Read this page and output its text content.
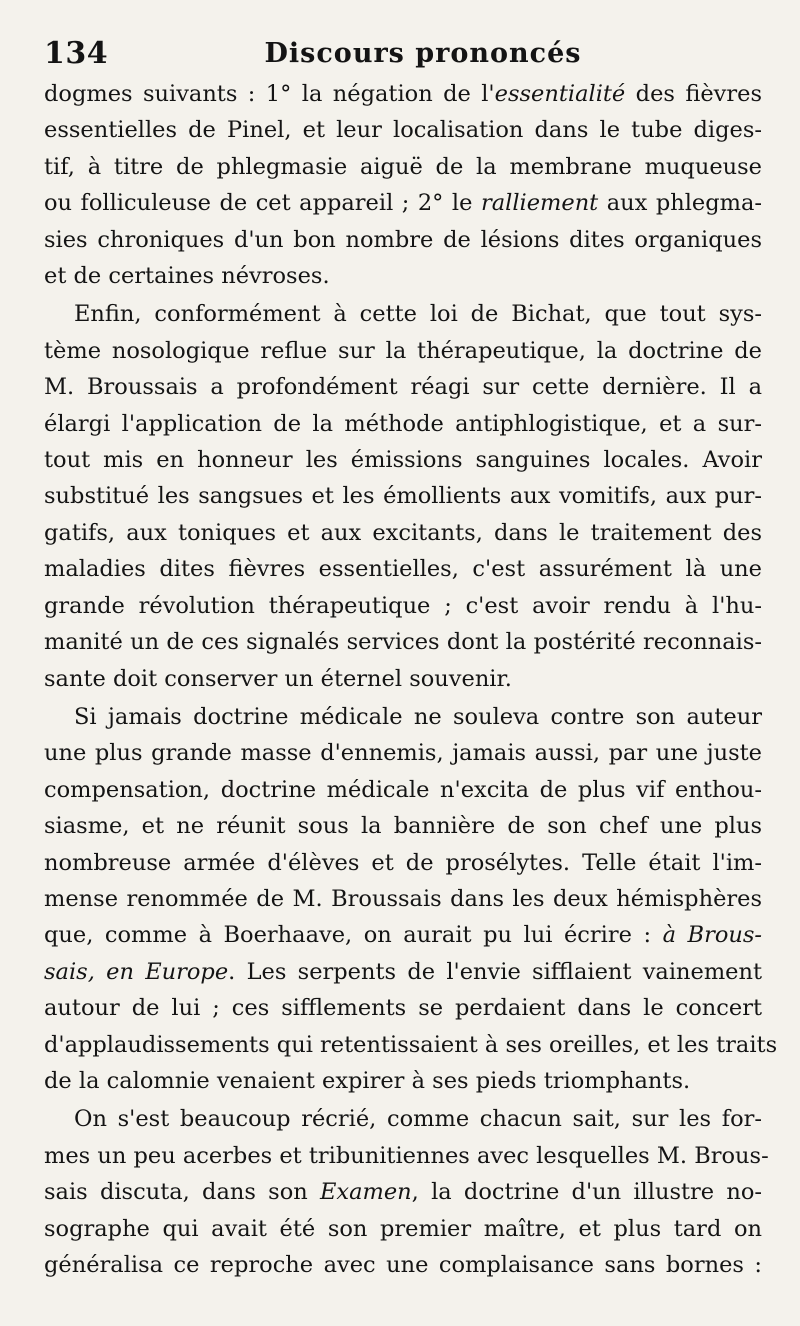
134	Discours prononcés

dogmes suivants : 1° la négation de l'essentialité des fièvres
essentielles de Pinel, et leur localisation dans le tube diges-
tif, à titre de phlegmasie aiguë de la membrane muqueuse
ou folliculeuse de cet appareil ; 2° le ralliement aux phlegma-
sies chroniques d'un bon nombre de lésions dites organiques
et de certaines névroses.

Enfin, conformément à cette loi de Bichat, que tout sys-
tème nosologique reflue sur la thérapeutique, la doctrine de
M. Broussais a profondément réagi sur cette dernière. Il a
élargi l'application de la méthode antiphlogistique, et a sur-
tout mis en honneur les émissions sanguines locales. Avoir
substitué les sangsues et les émollients aux vomitifs, aux pur-
gatifs, aux toniques et aux excitants, dans le traitement des
maladies dites fièvres essentielles, c'est assurément là une
grande révolution thérapeutique ; c'est avoir rendu à l'hu-
manité un de ces signalés services dont la postérité reconnais-
sante doit conserver un éternel souvenir.

Si jamais doctrine médicale ne souleva contre son auteur
une plus grande masse d'ennemis, jamais aussi, par une juste
compensation, doctrine médicale n'excita de plus vif enthou-
siasme, et ne réunit sous la bannière de son chef une plus
nombreuse armée d'élèves et de prosélytes. Telle était l'im-
mense renommée de M. Broussais dans les deux hémisphères
que, comme à Boerhaave, on aurait pu lui écrire : à Brous-
sais, en Europe. Les serpents de l'envie sifflaient vainement
autour de lui ; ces sifflements se perdaient dans le concert
d'applaudissements qui retentissaient à ses oreilles, et les traits
de la calomnie venaient expirer à ses pieds triomphants.

On s'est beaucoup récrié, comme chacun sait, sur les for-
mes un peu acerbes et tribunitiennes avec lesquelles M. Brous-
sais discuta, dans son Examen, la doctrine d'un illustre no-
sographe qui avait été son premier maître, et plus tard on
généralisa ce reproche avec une complaisance sans bornes :
